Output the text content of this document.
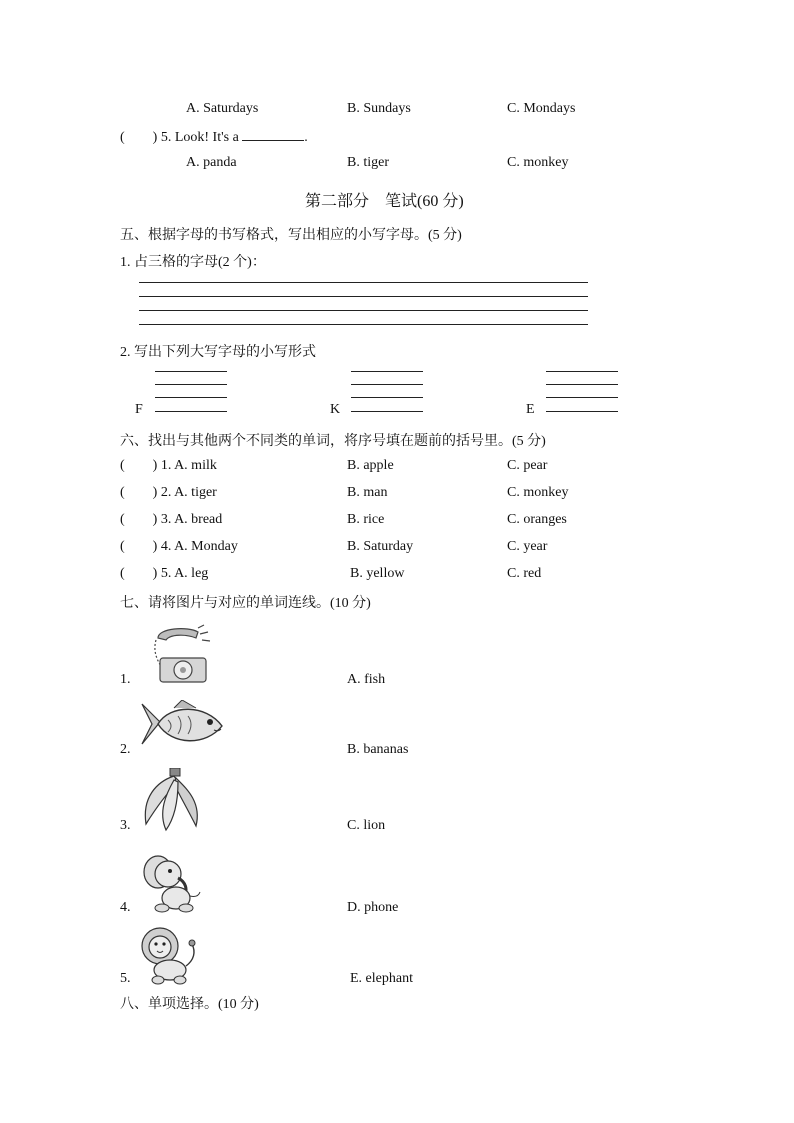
A. Saturdays	B. Sundays	C. Mondays
( ) 5. Look! It's a	.
A. panda	B. tiger	C. monkey
第二部分　笔试(60 分)
五、根据字母的书写格式，写出相应的小写字母。(5 分)
1. 占三格的字母(2 个)：
2. 写出下列大写字母的小写形式
F	K	E
六、找出与其他两个不同类的单词，将序号填在题前的括号里。(5 分)
( ) 1. A. milk	B. apple	C. pear
( ) 2. A. tiger	B. man	C. monkey
( ) 3. A. bread	B. rice	C. oranges
( ) 4. A. Monday	B. Saturday	C. year
( ) 5. A. leg	B. yellow	C. red
七、请将图片与对应的单词连线。(10 分)
1.	A. fish
2.	B. bananas
3.	C. lion
4.	D. phone
5.	E. elephant
八、单项选择。(10 分)
